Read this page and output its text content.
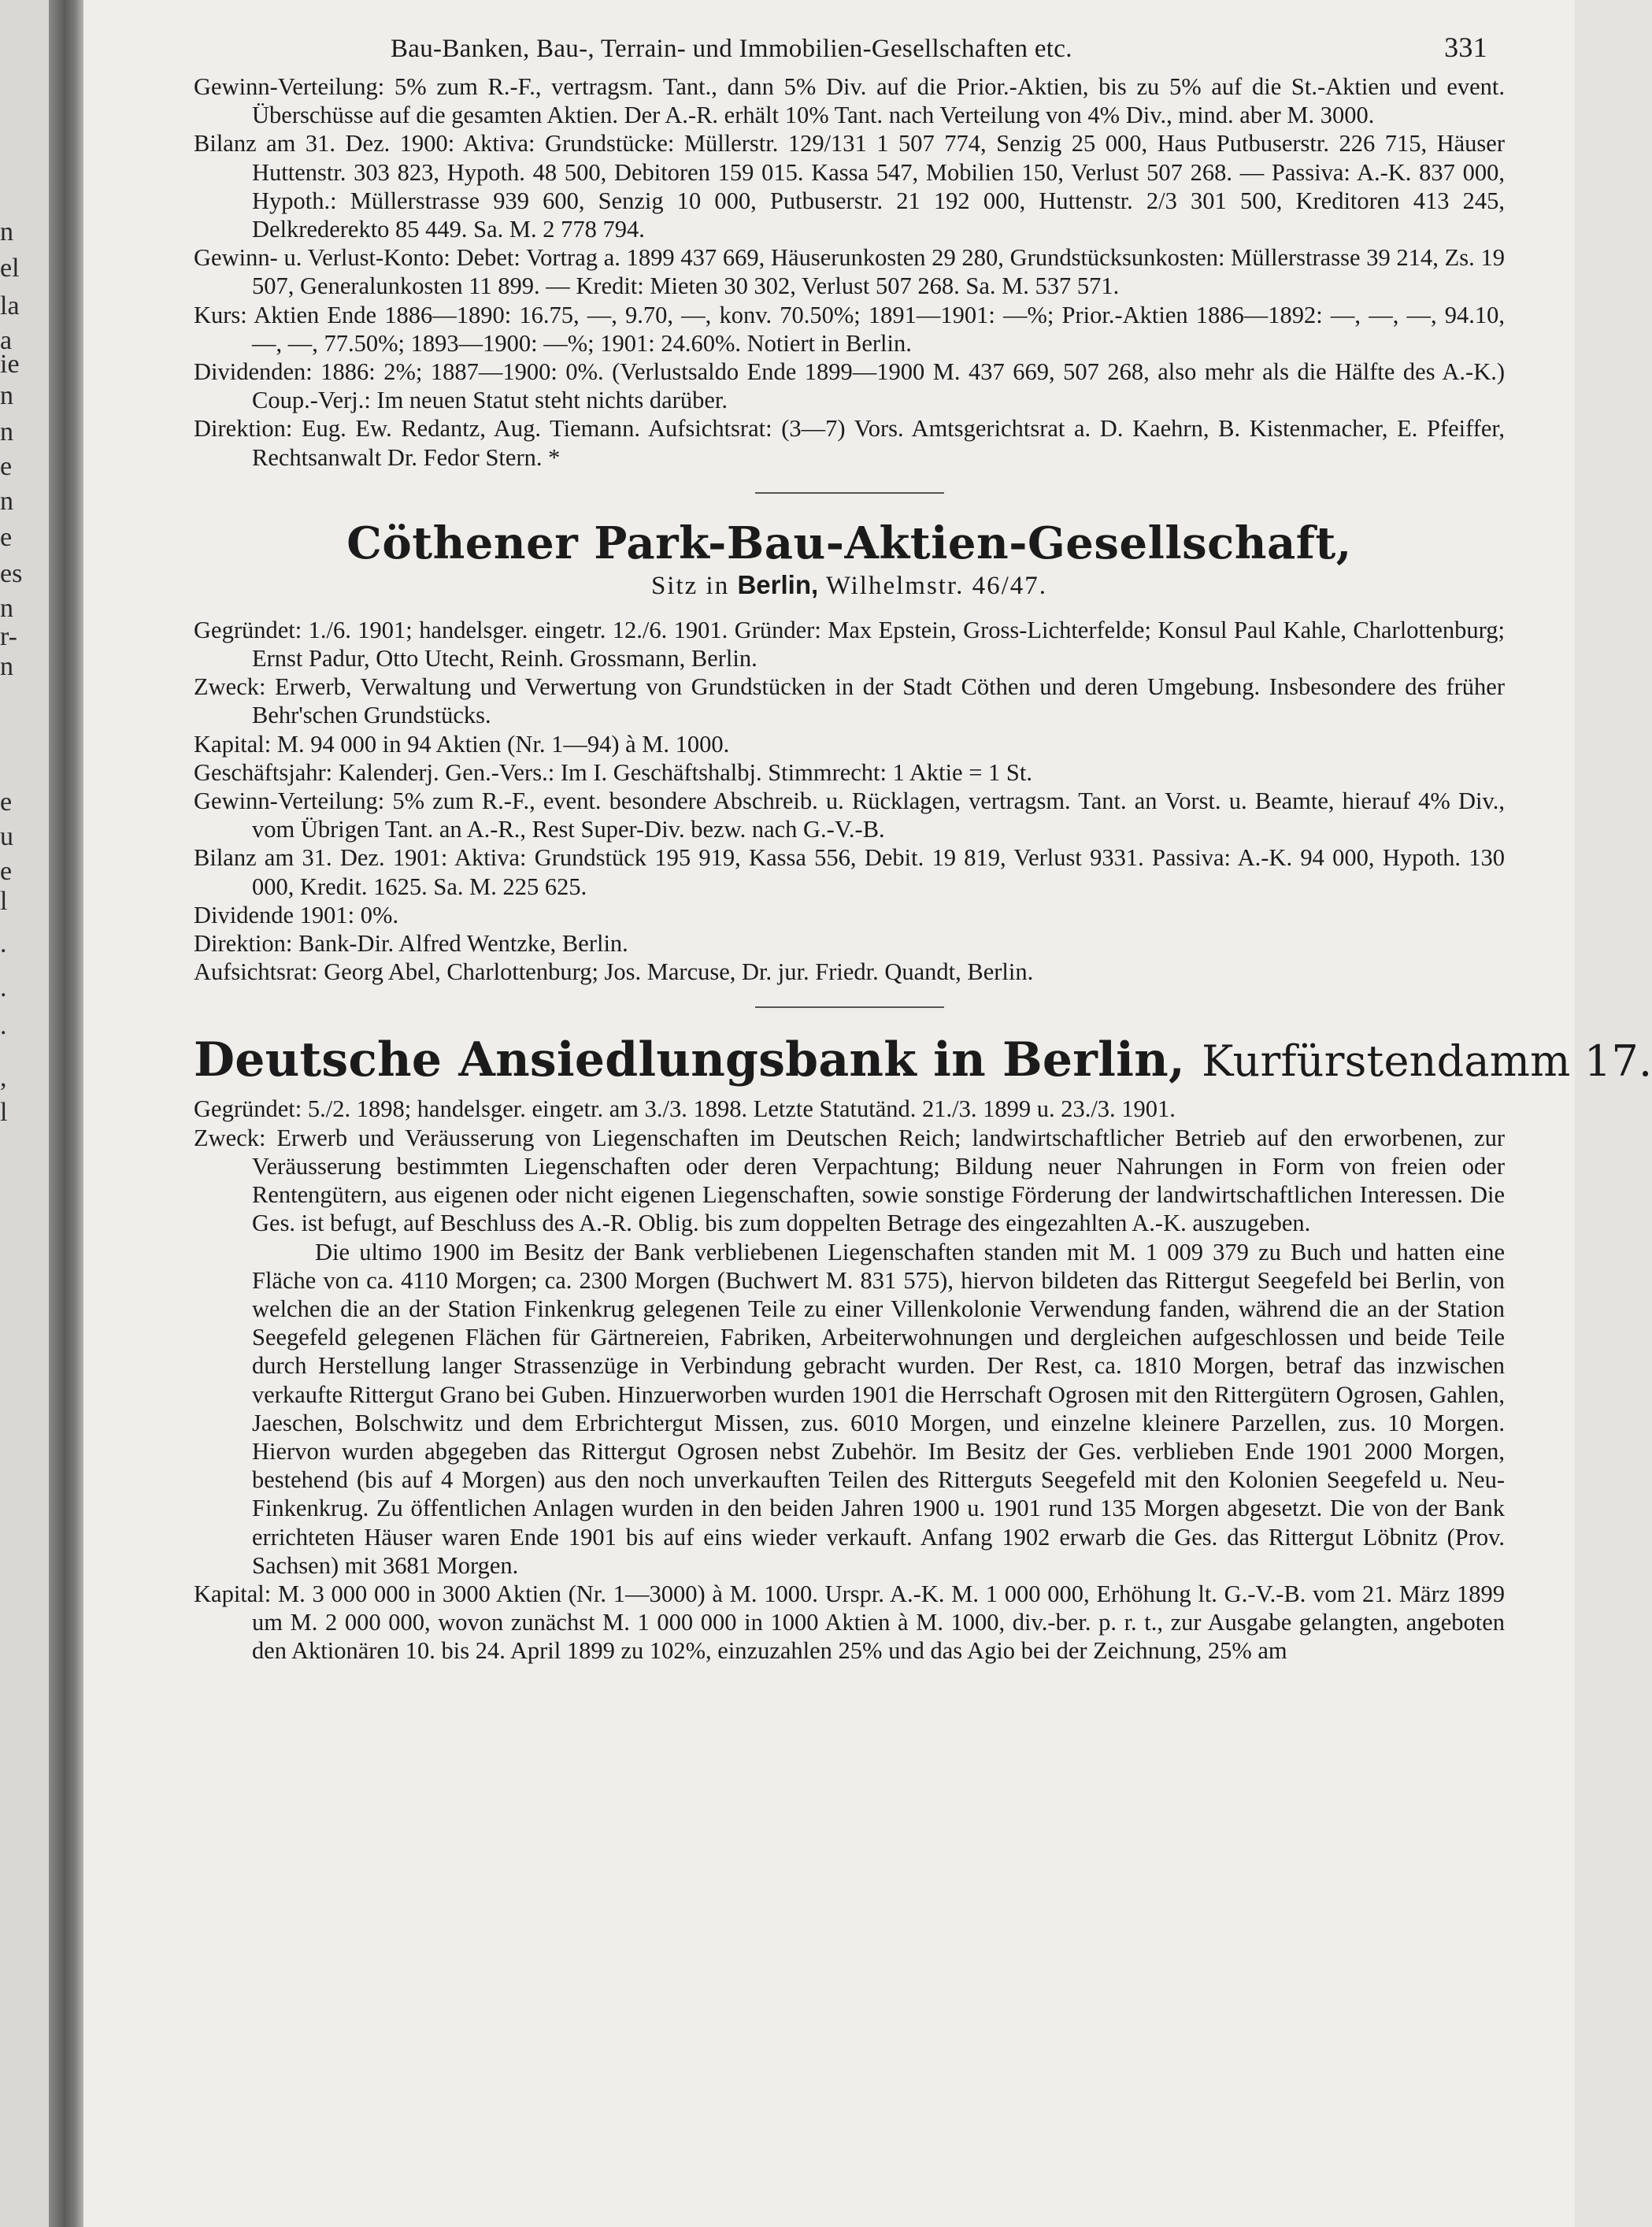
n
el
la
a
ie
n
n
e
n
e
es
n
r-
n
e
u
e
l
.
.
.
,
l
Bau-Banken, Bau-, Terrain- und Immobilien-Gesellschaften etc.	331

Gewinn-Verteilung: 5% zum R.-F., vertragsm. Tant., dann 5% Div. auf die Prior.-Aktien, bis zu 5% auf die St.-Aktien und event. Überschüsse auf die gesamten Aktien. Der A.-R. erhält 10% Tant. nach Verteilung von 4% Div., mind. aber M. 3000.

Bilanz am 31. Dez. 1900: Aktiva: Grundstücke: Müllerstr. 129/131 1 507 774, Senzig 25 000, Haus Putbuserstr. 226 715, Häuser Huttenstr. 303 823, Hypoth. 48 500, Debitoren 159 015. Kassa 547, Mobilien 150, Verlust 507 268. — Passiva: A.-K. 837 000, Hypoth.: Müllerstrasse 939 600, Senzig 10 000, Putbuserstr. 21 192 000, Huttenstr. 2/3 301 500, Kreditoren 413 245, Delkrederekto 85 449. Sa. M. 2 778 794.

Gewinn- u. Verlust-Konto: Debet: Vortrag a. 1899 437 669, Häuserunkosten 29 280, Grundstücksunkosten: Müllerstrasse 39 214, Zs. 19 507, Generalunkosten 11 899. — Kredit: Mieten 30 302, Verlust 507 268. Sa. M. 537 571.

Kurs: Aktien Ende 1886—1890: 16.75, —, 9.70, —, konv. 70.50%; 1891—1901: —%; Prior.-Aktien 1886—1892: —, —, —, 94.10, —, —, 77.50%; 1893—1900: —%; 1901: 24.60%. Notiert in Berlin.

Dividenden: 1886: 2%; 1887—1900: 0%. (Verlustsaldo Ende 1899—1900 M. 437 669, 507 268, also mehr als die Hälfte des A.-K.) Coup.-Verj.: Im neuen Statut steht nichts darüber.

Direktion: Eug. Ew. Redantz, Aug. Tiemann. Aufsichtsrat: (3—7) Vors. Amtsgerichtsrat a. D. Kaehrn, B. Kistenmacher, E. Pfeiffer, Rechtsanwalt Dr. Fedor Stern. *

Cöthener Park-Bau-Aktien-Gesellschaft,
Sitz in Berlin, Wilhelmstr. 46/47.

Gegründet: 1./6. 1901; handelsger. eingetr. 12./6. 1901. Gründer: Max Epstein, Gross-Lichterfelde; Konsul Paul Kahle, Charlottenburg; Ernst Padur, Otto Utecht, Reinh. Grossmann, Berlin.

Zweck: Erwerb, Verwaltung und Verwertung von Grundstücken in der Stadt Cöthen und deren Umgebung. Insbesondere des früher Behr'schen Grundstücks.

Kapital: M. 94 000 in 94 Aktien (Nr. 1—94) à M. 1000.

Geschäftsjahr: Kalenderj. Gen.-Vers.: Im I. Geschäftshalbj. Stimmrecht: 1 Aktie = 1 St.

Gewinn-Verteilung: 5% zum R.-F., event. besondere Abschreib. u. Rücklagen, vertragsm. Tant. an Vorst. u. Beamte, hierauf 4% Div., vom Übrigen Tant. an A.-R., Rest Super-Div. bezw. nach G.-V.-B.

Bilanz am 31. Dez. 1901: Aktiva: Grundstück 195 919, Kassa 556, Debit. 19 819, Verlust 9331. Passiva: A.-K. 94 000, Hypoth. 130 000, Kredit. 1625. Sa. M. 225 625.

Dividende 1901: 0%.

Direktion: Bank-Dir. Alfred Wentzke, Berlin.

Aufsichtsrat: Georg Abel, Charlottenburg; Jos. Marcuse, Dr. jur. Friedr. Quandt, Berlin.

Deutsche Ansiedlungsbank in Berlin, Kurfürstendamm 17.

Gegründet: 5./2. 1898; handelsger. eingetr. am 3./3. 1898. Letzte Statutänd. 21./3. 1899 u. 23./3. 1901.

Zweck: Erwerb und Veräusserung von Liegenschaften im Deutschen Reich; landwirtschaftlicher Betrieb auf den erworbenen, zur Veräusserung bestimmten Liegenschaften oder deren Verpachtung; Bildung neuer Nahrungen in Form von freien oder Rentengütern, aus eigenen oder nicht eigenen Liegenschaften, sowie sonstige Förderung der landwirtschaftlichen Interessen. Die Ges. ist befugt, auf Beschluss des A.-R. Oblig. bis zum doppelten Betrage des eingezahlten A.-K. auszugeben.

Die ultimo 1900 im Besitz der Bank verbliebenen Liegenschaften standen mit M. 1 009 379 zu Buch und hatten eine Fläche von ca. 4110 Morgen; ca. 2300 Morgen (Buchwert M. 831 575), hiervon bildeten das Rittergut Seegefeld bei Berlin, von welchen die an der Station Finkenkrug gelegenen Teile zu einer Villenkolonie Verwendung fanden, während die an der Station Seegefeld gelegenen Flächen für Gärtnereien, Fabriken, Arbeiterwohnungen und dergleichen aufgeschlossen und beide Teile durch Herstellung langer Strassenzüge in Verbindung gebracht wurden. Der Rest, ca. 1810 Morgen, betraf das inzwischen verkaufte Rittergut Grano bei Guben. Hinzuerworben wurden 1901 die Herrschaft Ogrosen mit den Rittergütern Ogrosen, Gahlen, Jaeschen, Bolschwitz und dem Erbrichtergut Missen, zus. 6010 Morgen, und einzelne kleinere Parzellen, zus. 10 Morgen. Hiervon wurden abgegeben das Rittergut Ogrosen nebst Zubehör. Im Besitz der Ges. verblieben Ende 1901 2000 Morgen, bestehend (bis auf 4 Morgen) aus den noch unverkauften Teilen des Ritterguts Seegefeld mit den Kolonien Seegefeld u. Neu-Finkenkrug. Zu öffentlichen Anlagen wurden in den beiden Jahren 1900 u. 1901 rund 135 Morgen abgesetzt. Die von der Bank errichteten Häuser waren Ende 1901 bis auf eins wieder verkauft. Anfang 1902 erwarb die Ges. das Rittergut Löbnitz (Prov. Sachsen) mit 3681 Morgen.

Kapital: M. 3 000 000 in 3000 Aktien (Nr. 1—3000) à M. 1000. Urspr. A.-K. M. 1 000 000, Erhöhung lt. G.-V.-B. vom 21. März 1899 um M. 2 000 000, wovon zunächst M. 1 000 000 in 1000 Aktien à M. 1000, div.-ber. p. r. t., zur Ausgabe gelangten, angeboten den Aktionären 10. bis 24. April 1899 zu 102%, einzuzahlen 25% und das Agio bei der Zeichnung, 25% am
